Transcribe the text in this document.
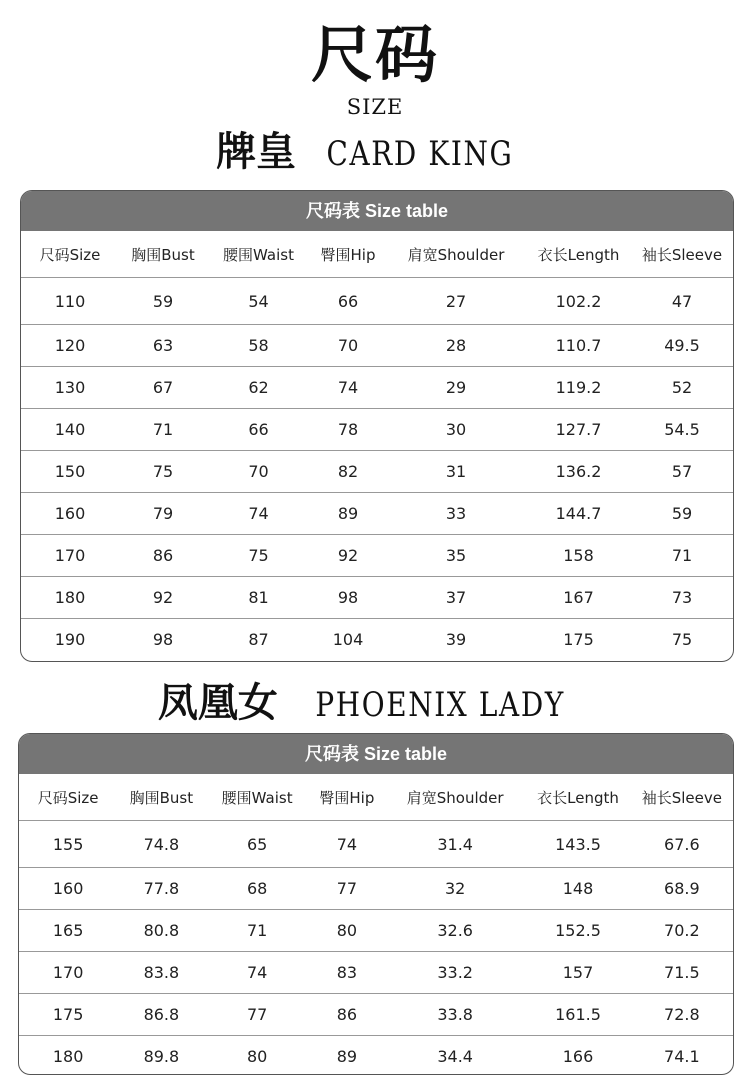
尺码
SIZE
牌皇 CARD KING
尺码表 Size table
尺码Size	胸围Bust	腰围Waist	臀围Hip	肩宽Shoulder	衣长Length	袖长Sleeve
110	59	54	66	27	102.2	47
120	63	58	70	28	110.7	49.5
130	67	62	74	29	119.2	52
140	71	66	78	30	127.7	54.5
150	75	70	82	31	136.2	57
160	79	74	89	33	144.7	59
170	86	75	92	35	158	71
180	92	81	98	37	167	73
190	98	87	104	39	175	75
凤凰女 PHOENIX LADY
尺码表 Size table
尺码Size	胸围Bust	腰围Waist	臀围Hip	肩宽Shoulder	衣长Length	袖长Sleeve
155	74.8	65	74	31.4	143.5	67.6
160	77.8	68	77	32	148	68.9
165	80.8	71	80	32.6	152.5	70.2
170	83.8	74	83	33.2	157	71.5
175	86.8	77	86	33.8	161.5	72.8
180	89.8	80	89	34.4	166	74.1
